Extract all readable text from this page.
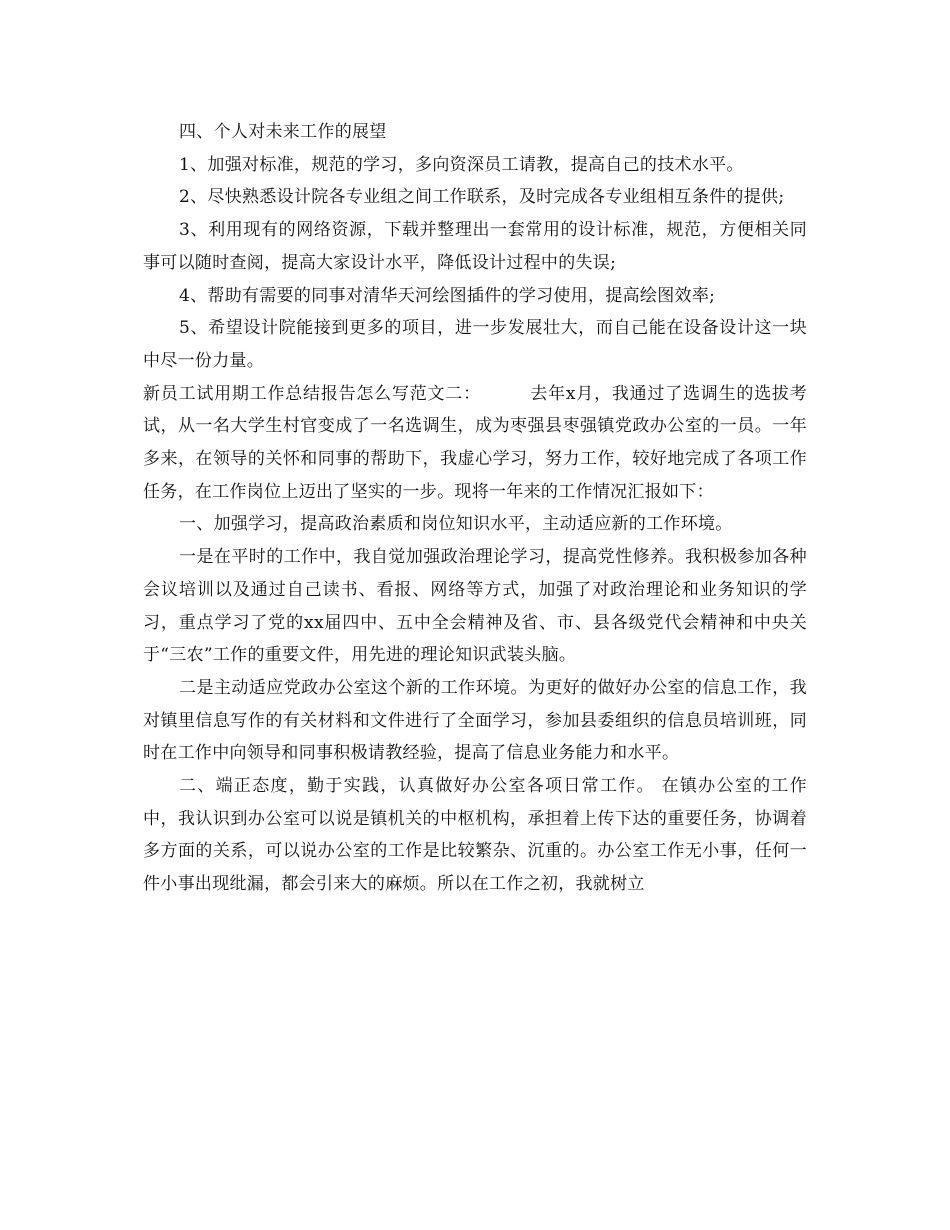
四、个人对未来工作的展望

1、加强对标准，规范的学习，多向资深员工请教，提高自己的技术水平。

2、尽快熟悉设计院各专业组之间工作联系，及时完成各专业组相互条件的提供;

3、利用现有的网络资源，下载并整理出一套常用的设计标准，规范，方便相关同事可以随时查阅，提高大家设计水平，降低设计过程中的失误;

4、帮助有需要的同事对清华天河绘图插件的学习使用，提高绘图效率;

5、希望设计院能接到更多的项目，进一步发展壮大，而自己能在设备设计这一块中尽一份力量。

新员工试用期工作总结报告怎么写范文二：        去年x月，我通过了选调生的选拔考试，从一名大学生村官变成了一名选调生，成为枣强县枣强镇党政办公室的一员。一年多来，在领导的关怀和同事的帮助下，我虚心学习，努力工作，较好地完成了各项工作任务，在工作岗位上迈出了坚实的一步。现将一年来的工作情况汇报如下：

一、加强学习，提高政治素质和岗位知识水平，主动适应新的工作环境。

一是在平时的工作中，我自觉加强政治理论学习，提高党性修养。我积极参加各种会议培训以及通过自己读书、看报、网络等方式，加强了对政治理论和业务知识的学习，重点学习了党的xx届四中、五中全会精神及省、市、县各级党代会精神和中央关于“三农”工作的重要文件，用先进的理论知识武装头脑。

二是主动适应党政办公室这个新的工作环境。为更好的做好办公室的信息工作，我对镇里信息写作的有关材料和文件进行了全面学习，参加县委组织的信息员培训班，同时在工作中向领导和同事积极请教经验，提高了信息业务能力和水平。

二、端正态度，勤于实践，认真做好办公室各项日常工作。 在镇办公室的工作中，我认识到办公室可以说是镇机关的中枢机构，承担着上传下达的重要任务，协调着多方面的关系，可以说办公室的工作是比较繁杂、沉重的。办公室工作无小事，任何一件小事出现纰漏，都会引来大的麻烦。所以在工作之初，我就树立
